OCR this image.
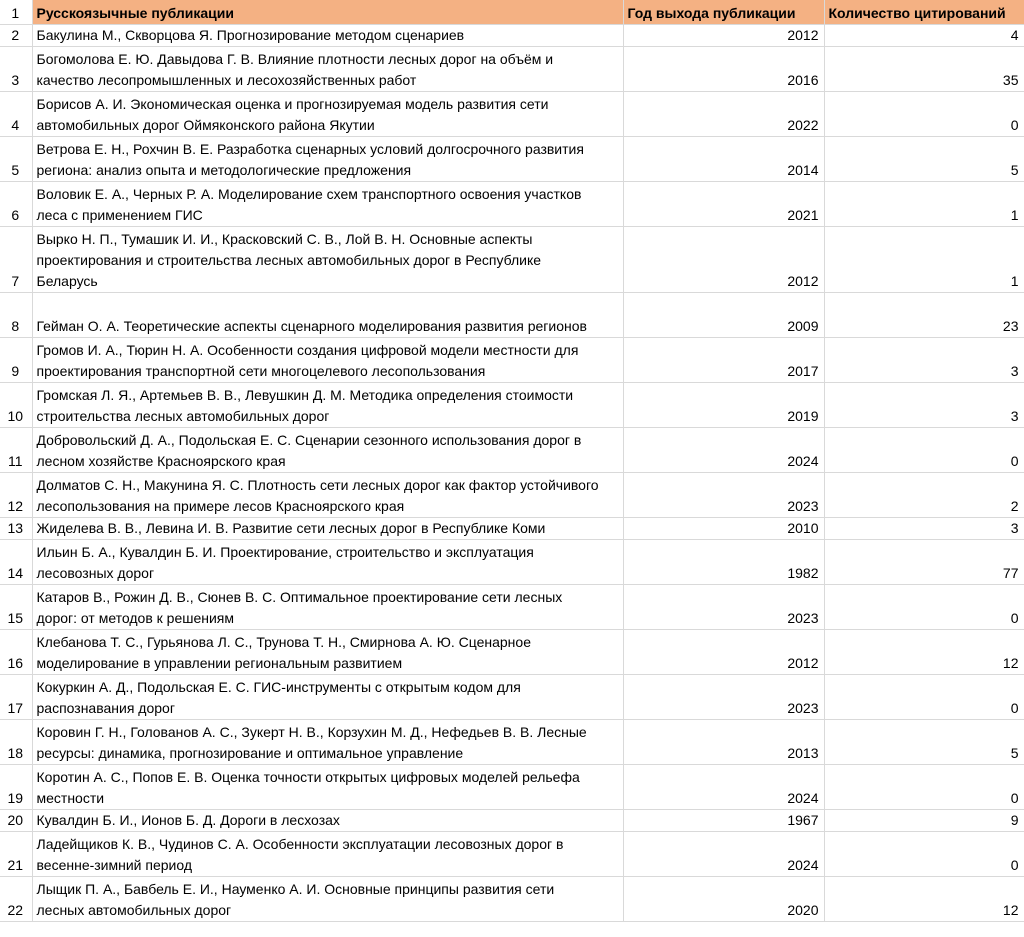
1	Русскоязычные публикации	Год выхода публикации	Количество цитирований
2	Бакулина М., Скворцова Я. Прогнозирование методом сценариев	2012	4
3	Богомолова Е. Ю. Давыдова Г. В. Влияние плотности лесных дорог на объём и
качество лесопромышленных и лесохозяйственных работ	2016	35
4	Борисов А. И. Экономическая оценка и прогнозируемая модель развития сети
автомобильных дорог Оймяконского района Якутии	2022	0
5	Ветрова Е. Н., Рохчин В. Е. Разработка сценарных условий долгосрочного развития
региона: анализ опыта и методологические предложения	2014	5
6	Воловик Е. А., Черных Р. А. Моделирование схем транспортного освоения участков
леса с применением ГИС	2021	1
7	Вырко Н. П., Тумашик И. И., Красковский С. В., Лой В. Н. Основные аспекты
проектирования и строительства лесных автомобильных дорог в Республике
Беларусь	2012	1
8	Гейман О. А. Теоретические аспекты сценарного моделирования развития регионов	2009	23
9	Громов И. А., Тюрин Н. А. Особенности создания цифровой модели местности для
проектирования транспортной сети многоцелевого лесопользования	2017	3
10	Громская Л. Я., Артемьев В. В., Левушкин Д. М. Методика определения стоимости
строительства лесных автомобильных дорог	2019	3
11	Добровольский Д. А., Подольская Е. С. Сценарии сезонного использования дорог в
лесном хозяйстве Красноярского края	2024	0
12	Долматов С. Н., Макунина Я. С. Плотность сети лесных дорог как фактор устойчивого
лесопользования на примере лесов Красноярского края	2023	2
13	Жиделева В. В., Левина И. В. Развитие сети лесных дорог в Республике Коми	2010	3
14	Ильин Б. А., Кувалдин Б. И. Проектирование, строительство и эксплуатация
лесовозных дорог	1982	77
15	Катаров В., Рожин Д. В., Сюнев В. С. Оптимальное проектирование сети лесных
дорог: от методов к решениям	2023	0
16	Клебанова Т. С., Гурьянова Л. С., Трунова Т. Н., Смирнова А. Ю. Сценарное
моделирование в управлении региональным развитием	2012	12
17	Кокуркин А. Д., Подольская Е. С. ГИС-инструменты с открытым кодом для
распознавания дорог	2023	0
18	Коровин Г. Н., Голованов А. С., Зукерт Н. В., Корзухин М. Д., Нефедьев В. В. Лесные
ресурсы: динамика, прогнозирование и оптимальное управление	2013	5
19	Коротин А. С., Попов Е. В. Оценка точности открытых цифровых моделей рельефа
местности	2024	0
20	Кувалдин Б. И., Ионов Б. Д. Дороги в лесхозах	1967	9
21	Ладейщиков К. В., Чудинов С. А. Особенности эксплуатации лесовозных дорог в
весенне-зимний период	2024	0
22	Лыщик П. А., Бавбель Е. И., Науменко А. И. Основные принципы развития сети
лесных автомобильных дорог	2020	12
